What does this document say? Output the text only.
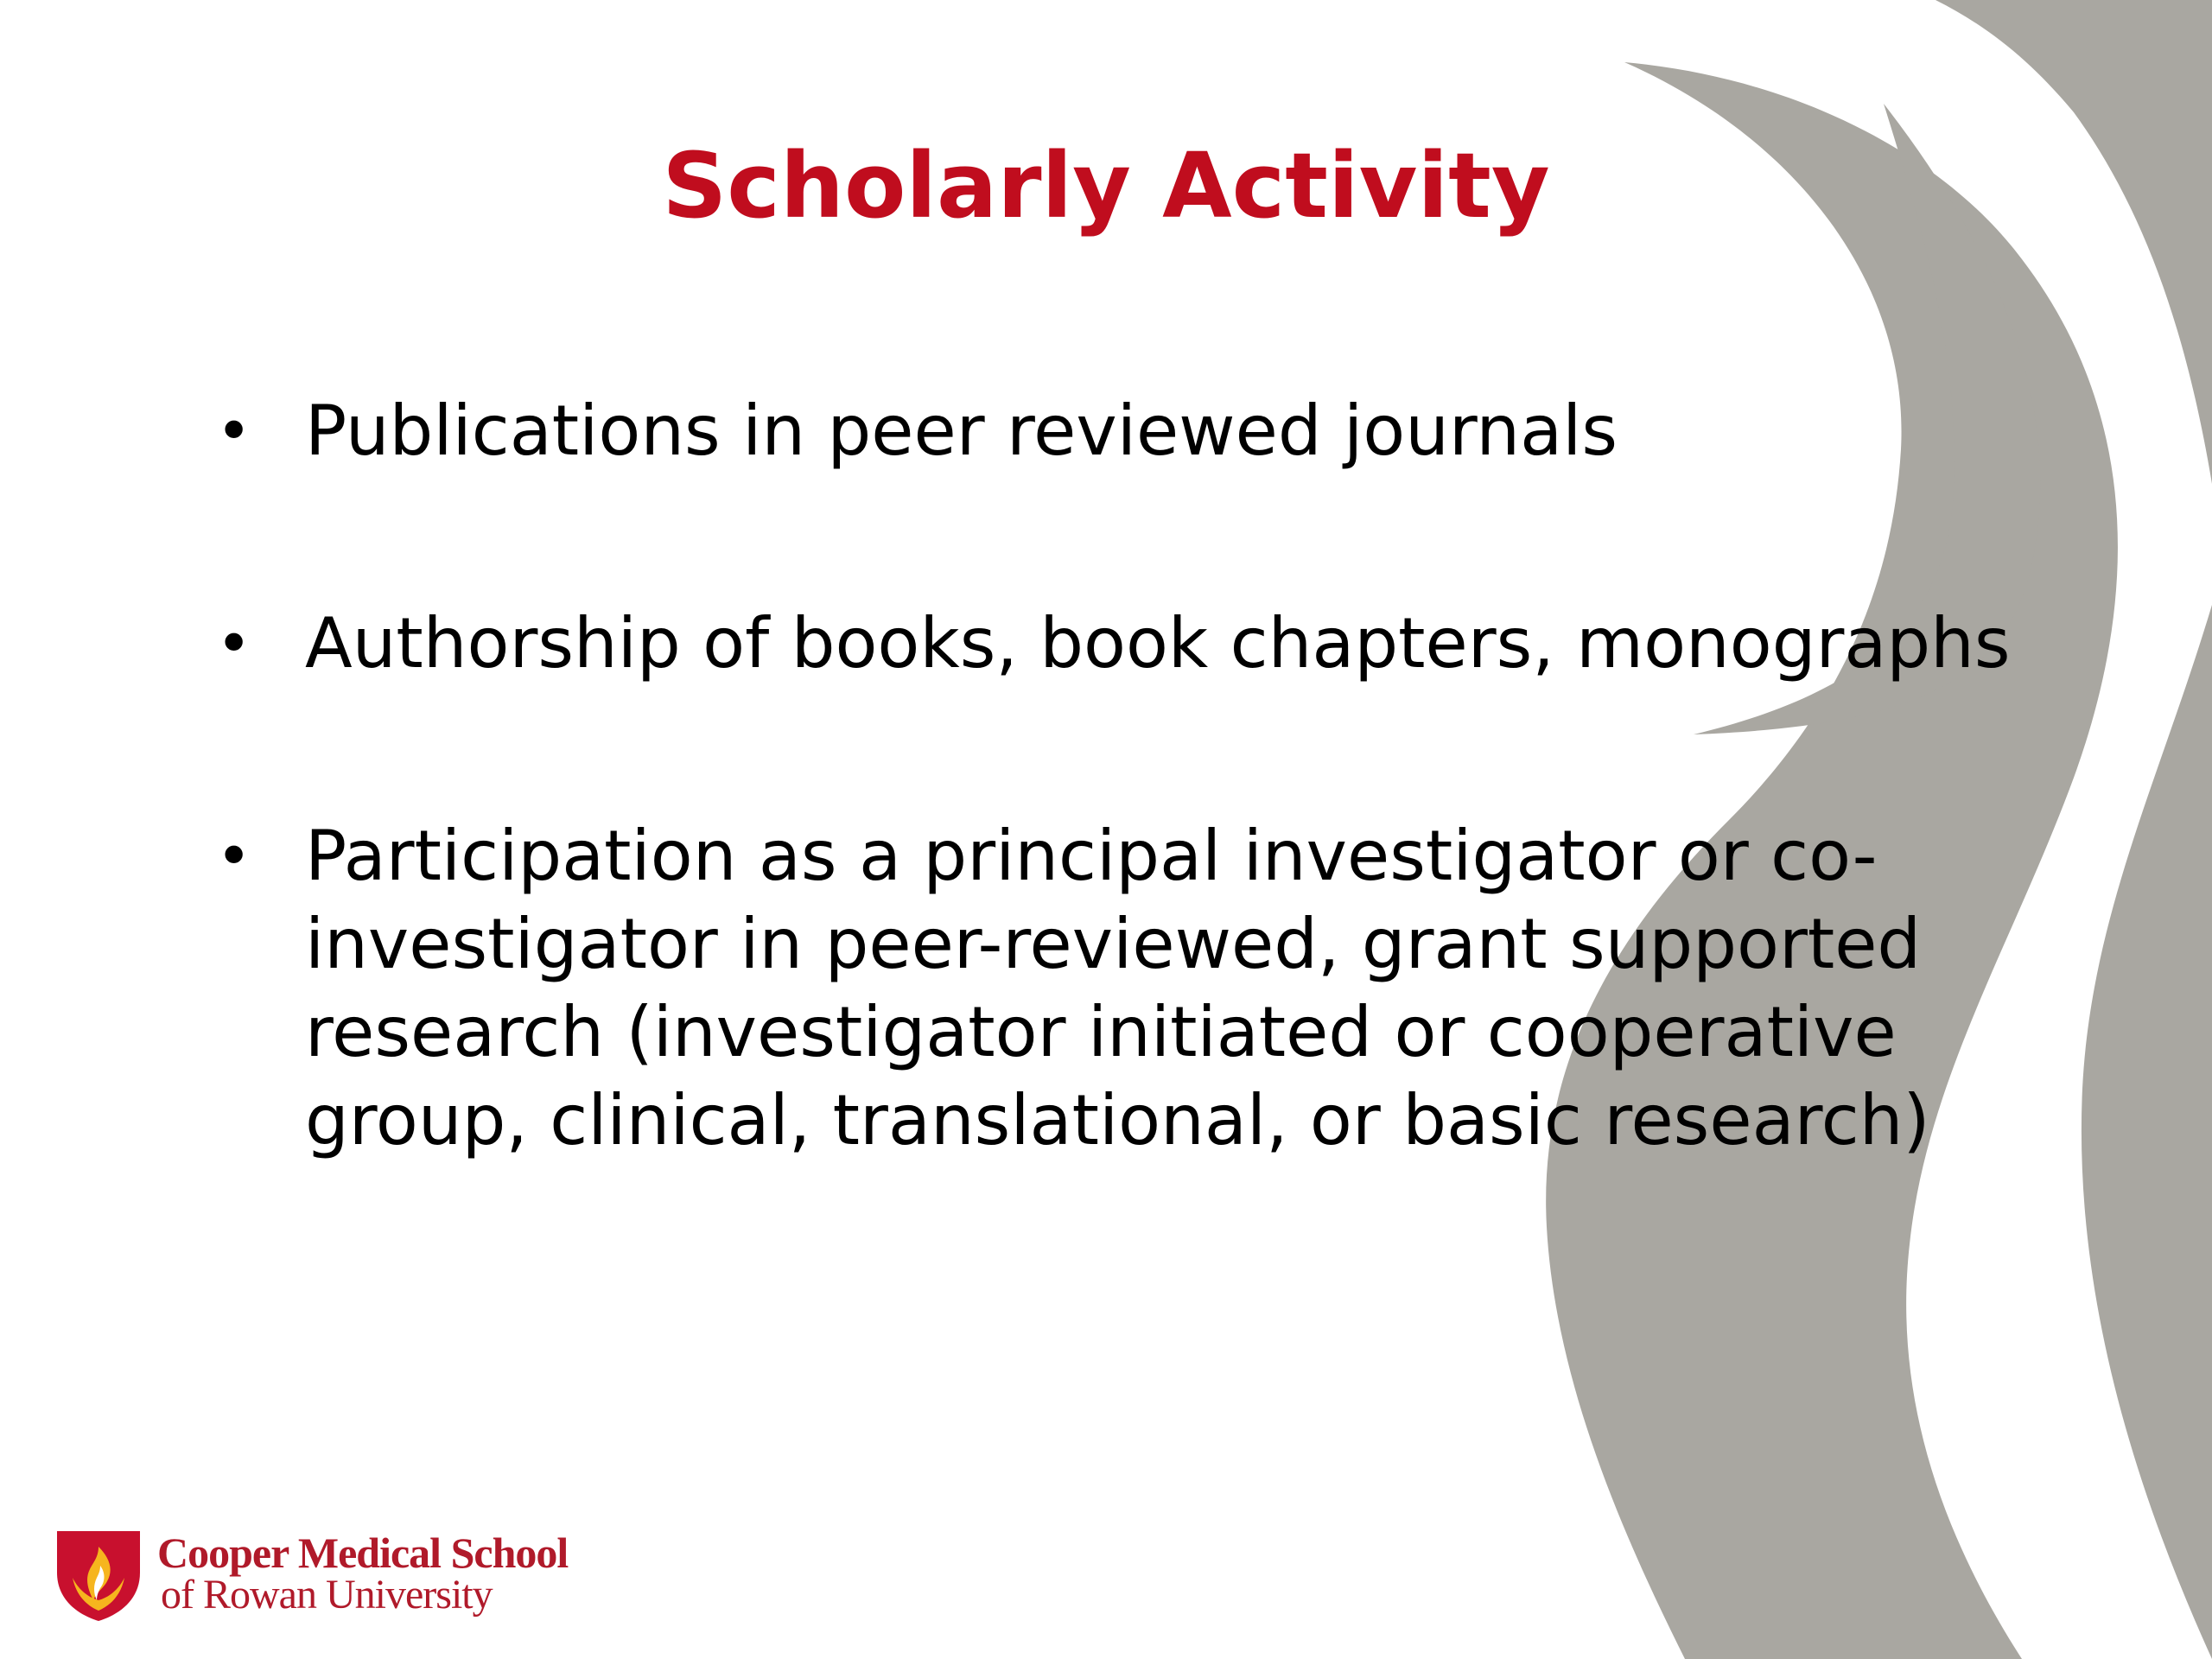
Scholarly Activity
• Publications in peer reviewed journals
• Authorship of books, book chapters, monographs
• Participation as a principal investigator or co-investigator in peer-reviewed, grant supported research (investigator initiated or cooperative group, clinical, translational, or basic research)
Cooper Medical School
of Rowan University
